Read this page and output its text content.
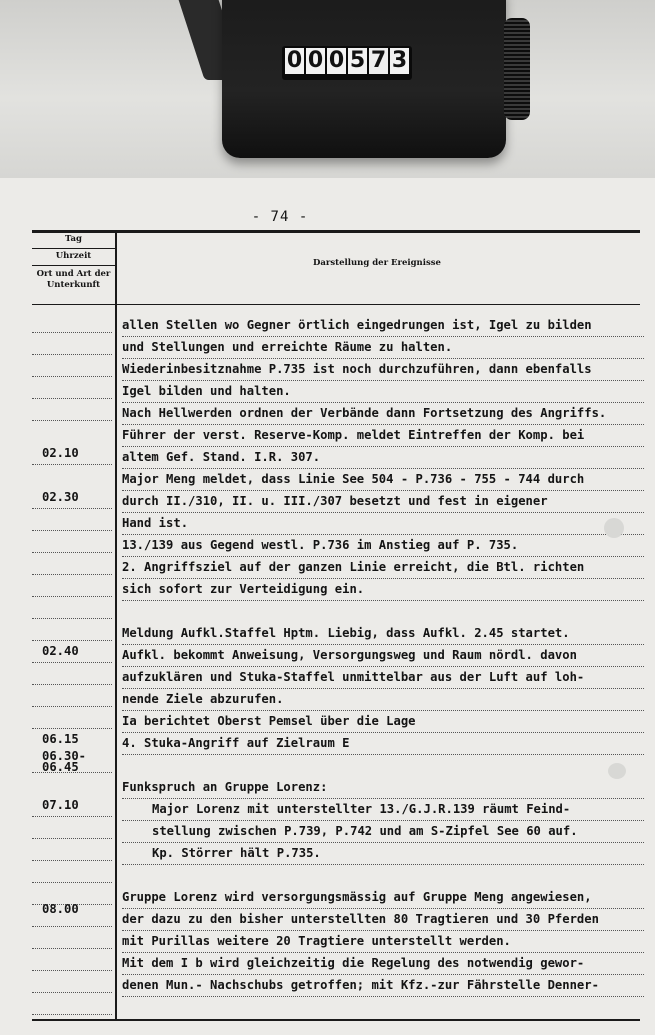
0 0 0 5 7 3
- 74 -
Tag
Uhrzeit
Ort und Art der Unterkunft
Darstellung der Ereignisse
02.10
02.30
02.40
06.15
06.30-
06.45
07.10
08.00
allen Stellen wo Gegner örtlich eingedrungen ist, Igel zu bilden
und Stellungen und erreichte Räume zu halten.
Wiederinbesitznahme P.735 ist noch durchzuführen, dann ebenfalls
Igel bilden und halten.
Nach Hellwerden ordnen der Verbände dann Fortsetzung des Angriffs.
Führer der verst. Reserve-Komp. meldet Eintreffen der Komp. bei
altem Gef. Stand. I.R. 307.
Major Meng meldet, dass Linie See 504 - P.736 - 755 - 744 durch
durch II./310, II. u. III./307 besetzt und fest in eigener
Hand ist.
13./139 aus Gegend westl. P.736 im Anstieg auf P. 735.
2. Angriffsziel auf der ganzen Linie erreicht, die Btl. richten
sich sofort zur Verteidigung ein.
Meldung Aufkl.Staffel Hptm. Liebig, dass Aufkl. 2.45 startet.
Aufkl. bekommt Anweisung, Versorgungsweg und Raum nördl. davon
aufzuklären und Stuka-Staffel unmittelbar aus der Luft auf loh-
nende Ziele abzurufen.
Ia berichtet Oberst Pemsel über die Lage
4. Stuka-Angriff auf Zielraum E
Funkspruch an Gruppe Lorenz:
Major Lorenz mit unterstellter 13./G.J.R.139 räumt Feind-
stellung zwischen P.739, P.742 und am S-Zipfel See 60 auf.
Kp. Störrer hält P.735.
Gruppe Lorenz wird versorgungsmässig auf Gruppe Meng angewiesen,
der dazu zu den bisher unterstellten 80 Tragtieren und 30 Pferden
mit Purillas weitere 20 Tragtiere unterstellt werden.
Mit dem I b wird gleichzeitig die Regelung des notwendig gewor-
denen Mun.- Nachschubs getroffen; mit Kfz.-zur Fährstelle Denner-
